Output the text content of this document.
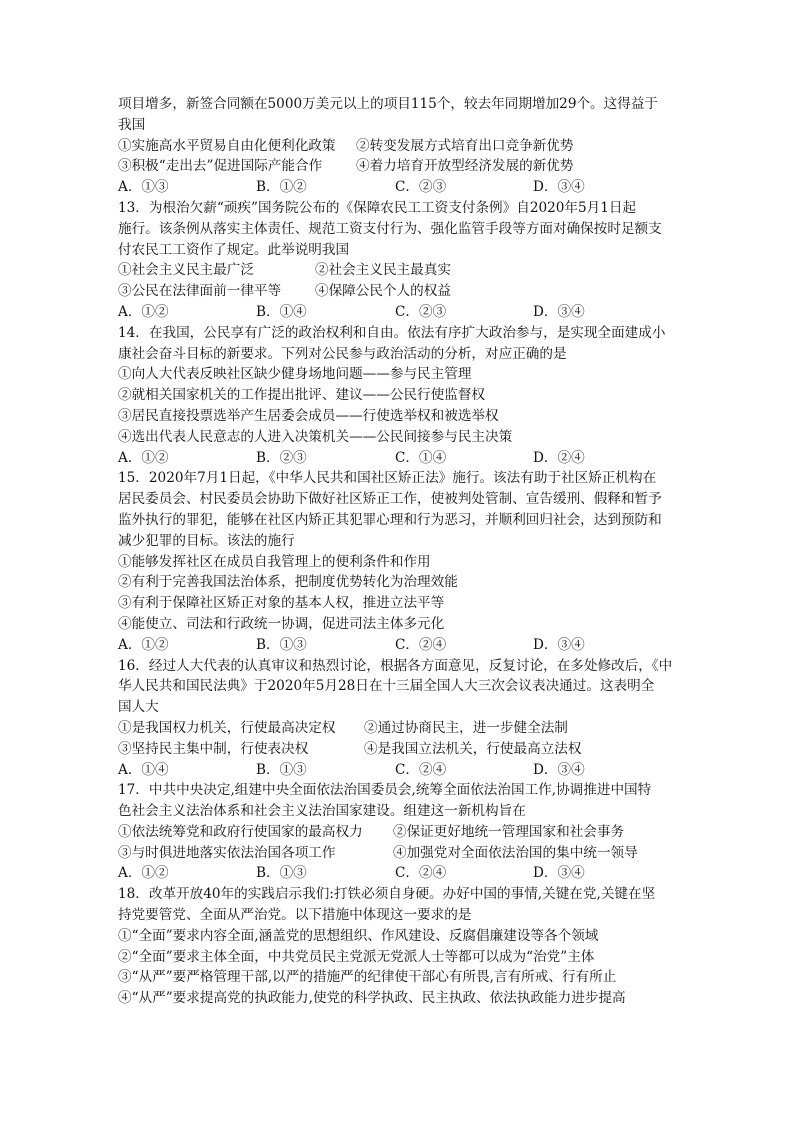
项目增多，新签合同额在5000万美元以上的项目115个，较去年同期增加29个。这得益于
我国
①实施高水平贸易自由化便利化政策 ②转变发展方式培育出口竞争新优势
③积极“走出去”促进国际产能合作 ④着力培育开放型经济发展的新优势
A．①③	B．①②	C．②③	D．③④
13．为根治欠薪“顽疾”国务院公布的《保障农民工工资支付条例》自2020年5月1日起
施行。该条例从落实主体责任、规范工资支付行为、强化监管手段等方面对确保按时足额支
付农民工工资作了规定。此举说明我国
①社会主义民主最广泛	②社会主义民主最真实
③公民在法律面前一律平等 ④保障公民个人的权益
A．①②	B．①④	C．②③	D．③④
14．在我国，公民享有广泛的政治权利和自由。依法有序扩大政治参与，是实现全面建成小
康社会奋斗目标的新要求。下列对公民参与政治活动的分析，对应正确的是
①向人大代表反映社区缺少健身场地问题——参与民主管理
②就相关国家机关的工作提出批评、建议——公民行使监督权
③居民直接投票选举产生居委会成员——行使选举权和被选举权
④选出代表人民意志的人进入决策机关——公民间接参与民主决策
A．①②	B．②③	C．①④	D．②④
15．2020年7月1日起，《中华人民共和国社区矫正法》施行。该法有助于社区矫正机构在
居民委员会、村民委员会协助下做好社区矫正工作，使被判处管制、宣告缓刑、假释和暂予
监外执行的罪犯，能够在社区内矫正其犯罪心理和行为恶习，并顺利回归社会，达到预防和
减少犯罪的目标。该法的施行
①能够发挥社区在成员自我管理上的便利条件和作用
②有利于完善我国法治体系，把制度优势转化为治理效能
③有利于保障社区矫正对象的基本人权，推进立法平等
④能使立、司法和行政统一协调，促进司法主体多元化
A．①②	B．①③	C．②④	D．③④
16．经过人大代表的认真审议和热烈讨论，根据各方面意见，反复讨论，在多处修改后，《中
华人民共和国民法典》于2020年5月28日在十三届全国人大三次会议表决通过。这表明全
国人大
①是我国权力机关，行使最高决定权 ②通过协商民主，进一步健全法制
③坚持民主集中制，行使表决权	④是我国立法机关，行使最高立法权
A．①④	B．①③	C．②④	D．③④
17．中共中央决定,组建中央全面依法治国委员会,统筹全面依法治国工作,协调推进中国特
色社会主义法治体系和社会主义法治国家建设。组建这一新机构旨在
①依法统筹党和政府行使国家的最高权力 ②保证更好地统一管理国家和社会事务
③与时俱进地落实依法治国各项工作	④加强党对全面依法治国的集中统一领导
A．①②	B．①③	C．②④	D．③④
18．改革开放40年的实践启示我们:打铁必须自身硬。办好中国的事情,关键在党,关键在坚
持党要管党、全面从严治党。以下措施中体现这一要求的是
①“全面”要求内容全面,涵盖党的思想组织、作风建设、反腐倡廉建设等各个领域
②“全面”要求主体全面，中共党员民主党派无党派人士等都可以成为“治党”主体
③“从严”要严格管理干部,以严的措施严的纪律使干部心有所畏,言有所戒、行有所止
④“从严”要求提高党的执政能力,使党的科学执政、民主执政、依法执政能力进步提高
